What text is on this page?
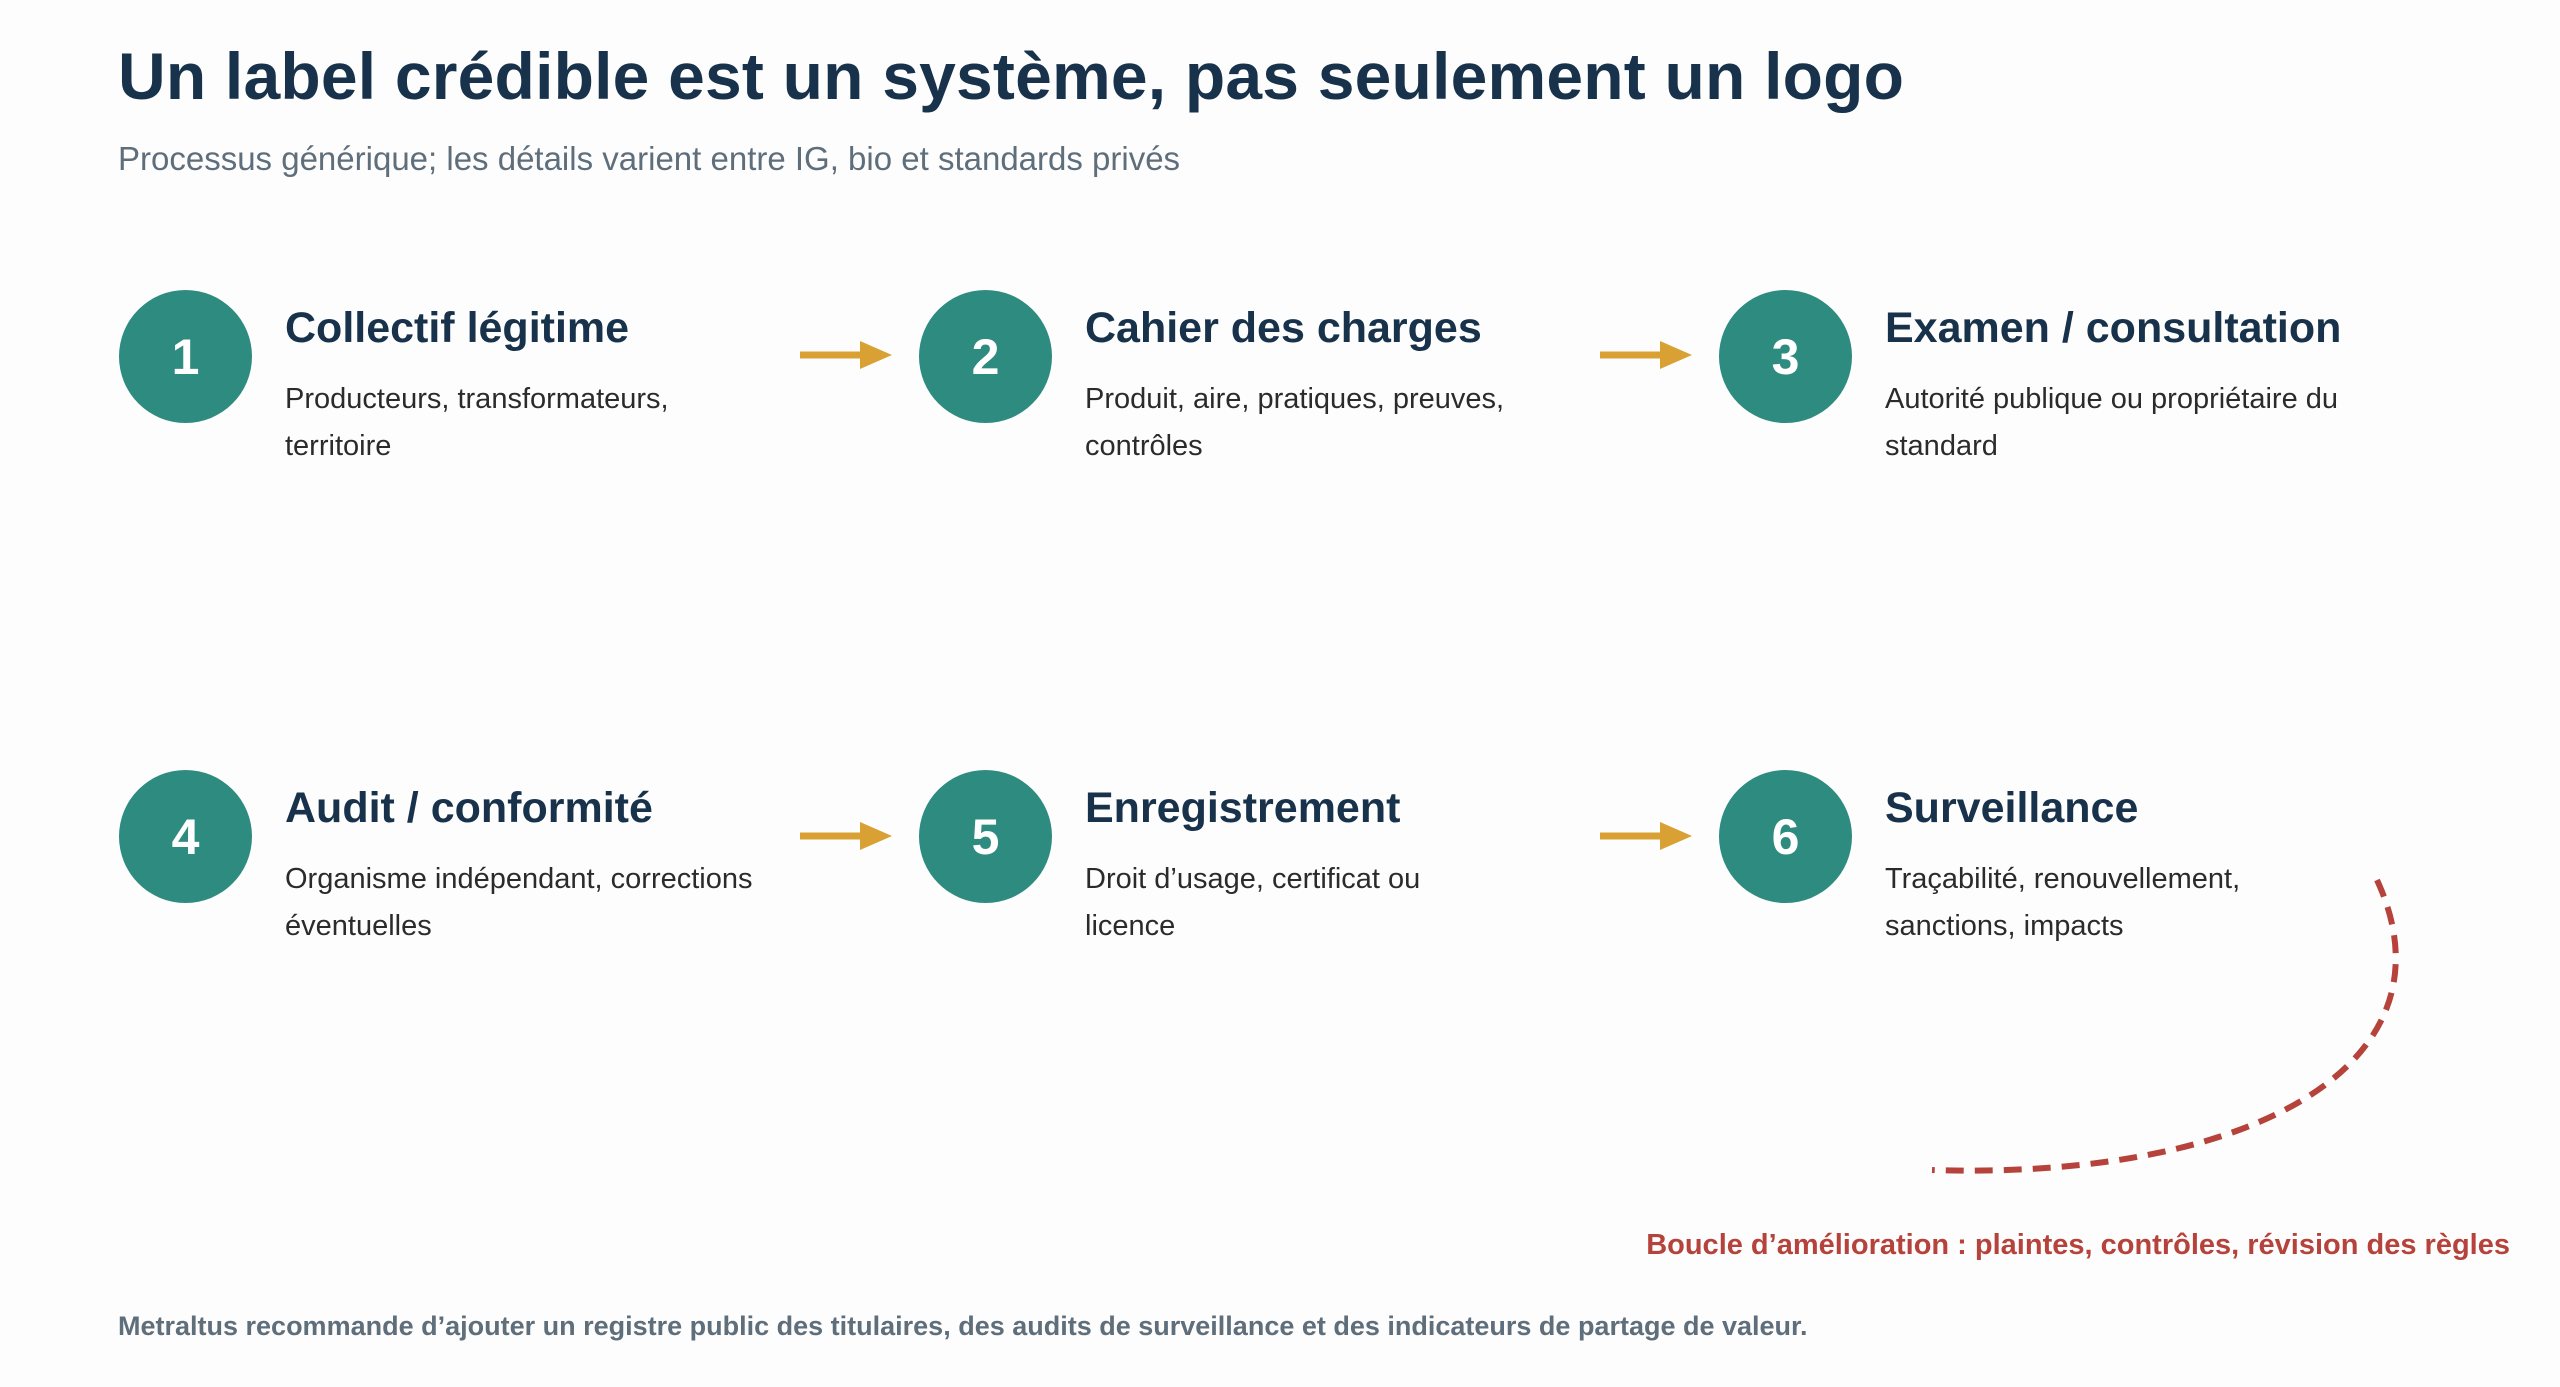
Un label crédible est un système, pas seulement un logo

Processus générique; les détails varient entre IG, bio et standards privés

1
Collectif légitime

Producteurs, transformateurs, territoire

2
Cahier des charges

Produit, aire, pratiques, preuves, contrôles

3
Examen / consultation

Autorité publique ou propriétaire du standard

4
Audit / conformité

Organisme indépendant, corrections éventuelles

5
Enregistrement

Droit d’usage, certificat ou licence

6
Surveillance

Traçabilité, renouvellement, sanctions, impacts

Boucle d’amélioration : plaintes, contrôles, révision des règles

Metraltus recommande d’ajouter un registre public des titulaires, des audits de surveillance et des indicateurs de partage de valeur.
